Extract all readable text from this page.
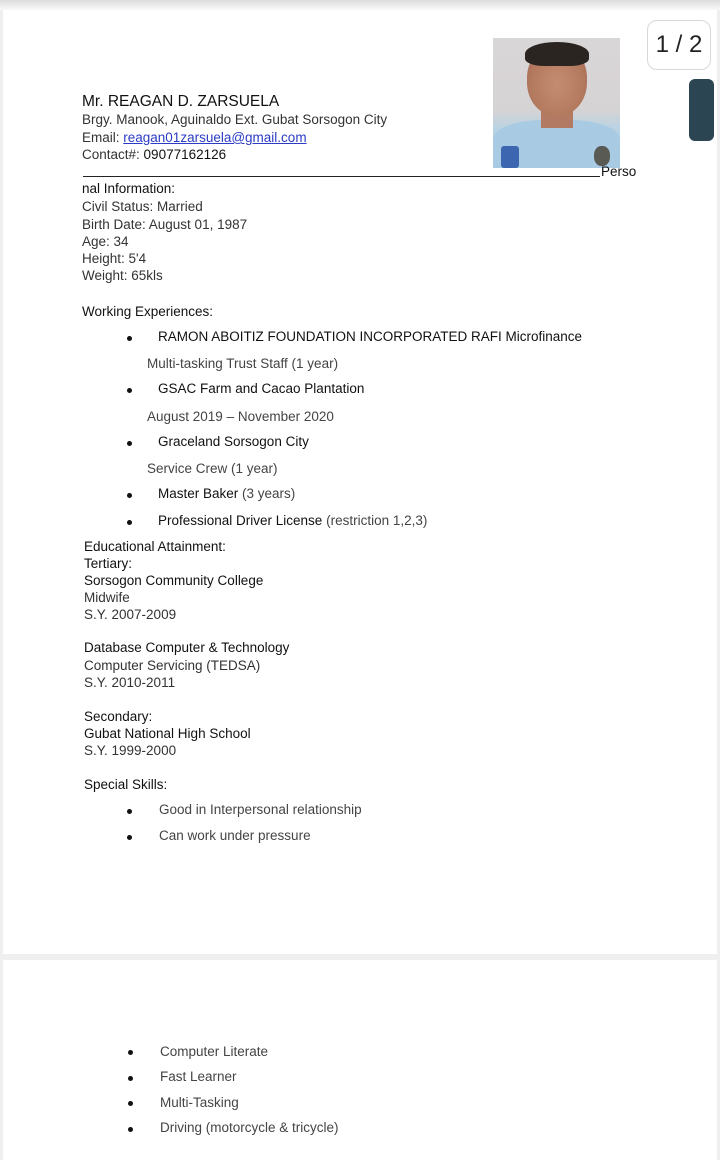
Mr. REAGAN D. ZARSUELA
Brgy. Manook, Aguinaldo Ext. Gubat Sorsogon City
Email: reagan01zarsuela@gmail.com
Contact#: 09077162126
Perso
nal Information:
Civil Status: Married
Birth Date: August 01, 1987
Age: 34
Height: 5'4
Weight: 65kls
Working Experiences:
RAMON ABOITIZ FOUNDATION INCORPORATED RAFI Microfinance
Multi-tasking Trust Staff (1 year)
GSAC Farm and Cacao Plantation
August 2019 – November 2020
Graceland Sorsogon City
Service Crew (1 year)
Master Baker (3 years)
Professional Driver License (restriction 1,2,3)
Educational Attainment:
Tertiary:
Sorsogon Community College
Midwife
S.Y. 2007-2009
Database Computer & Technology
Computer Servicing (TEDSA)
S.Y. 2010-2011
Secondary:
Gubat National High School
S.Y. 1999-2000
Special Skills:
Good in Interpersonal relationship
Can work under pressure
Computer Literate
Fast Learner
Multi-Tasking
Driving (motorcycle & tricycle)
1 / 2
